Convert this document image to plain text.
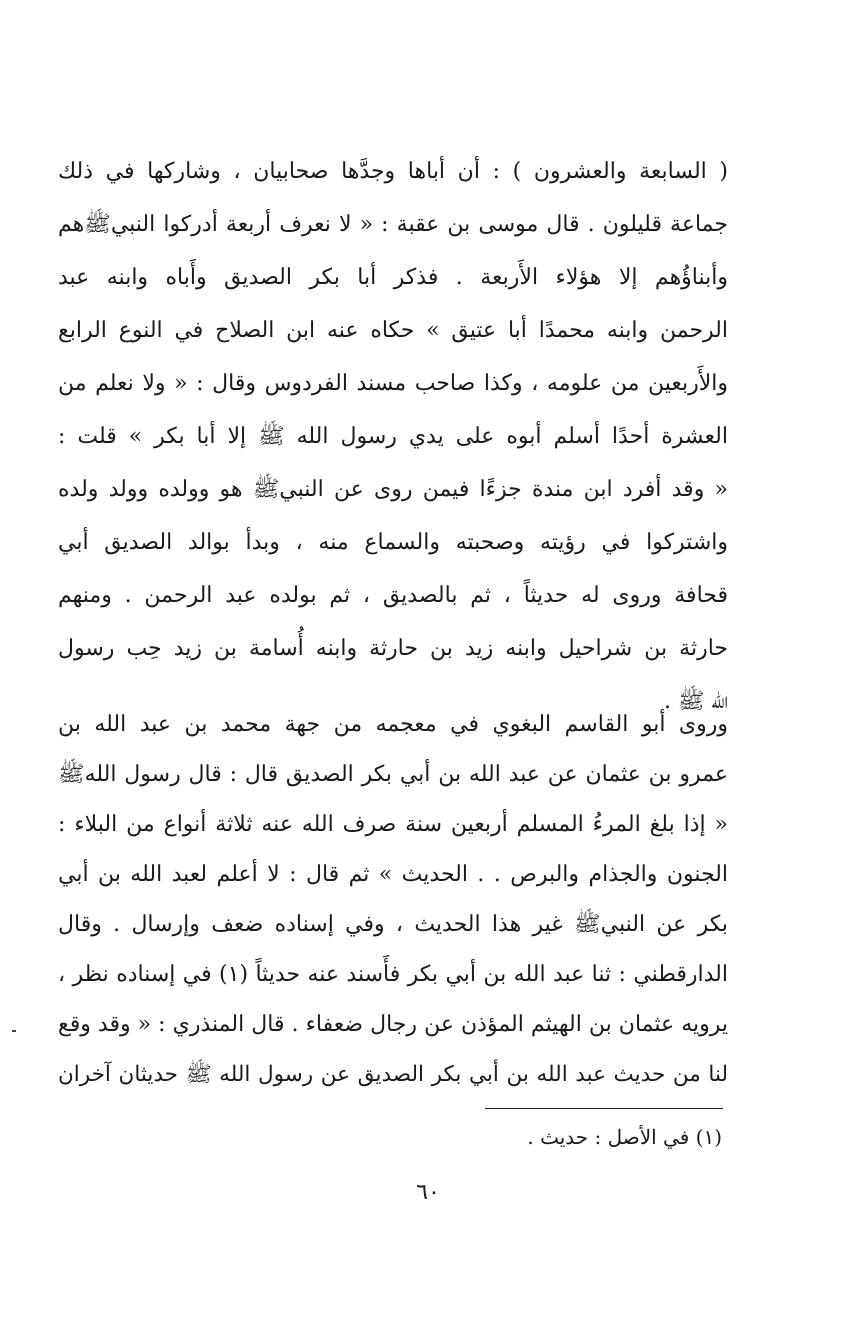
( السابعة والعشرون ) : أن أباها وجدَّها صحابيان ، وشاركها في ذلك
جماعة قليلون . قال موسى بن عقبة : « لا نعرف أربعة أدركوا النبيﷺهم
وأبناؤُهم إلا هؤلاء الأَربعة . فذكر أبا بكر الصديق وأَباه وابنه عبد
الرحمن وابنه محمدًا أبا عتيق » حكاه عنه ابن الصلاح في النوع الرابع
والأَربعين من علومه ، وكذا صاحب مسند الفردوس وقال : « ولا نعلم من
العشرة أحدًا أسلم أبوه على يدي رسول الله ﷺ إلا أبا بكر » قلت :
« وقد أفرد ابن مندة جزءًا فيمن روى عن النبيﷺ هو وولده وولد ولده
واشتركوا في رؤيته وصحبته والسماع منه ، وبدأ بوالد الصديق أبي
قحافة وروى له حديثاً ، ثم بالصديق ، ثم بولده عبد الرحمن . ومنهم
حارثة بن شراحيل وابنه زيد بن حارثة وابنه أُسامة بن زيد حِب رسول
الله ﷺ .
وروى أبو القاسم البغوي في معجمه من جهة محمد بن عبد الله بن
عمرو بن عثمان عن عبد الله بن أبي بكر الصديق قال : قال رسول اللهﷺ
« إذا بلغ المرءُ المسلم أربعين سنة صرف الله عنه ثلاثة أنواع من البلاء :
الجنون والجذام والبرص . . الحديث » ثم قال : لا أعلم لعبد الله بن أبي
بكر عن النبيﷺ غير هذا الحديث ، وفي إسناده ضعف وإرسال . وقال
الدارقطني : ثنا عبد الله بن أبي بكر فأَسند عنه حديثاً (١) في إسناده نظر ،
يرويه عثمان بن الهيثم المؤذن عن رجال ضعفاء . قال المنذري : « وقد وقع
لنا من حديث عبد الله بن أبي بكر الصديق عن رسول الله ﷺ حديثان آخران
(١) في الأصل : حديث .
٦٠
